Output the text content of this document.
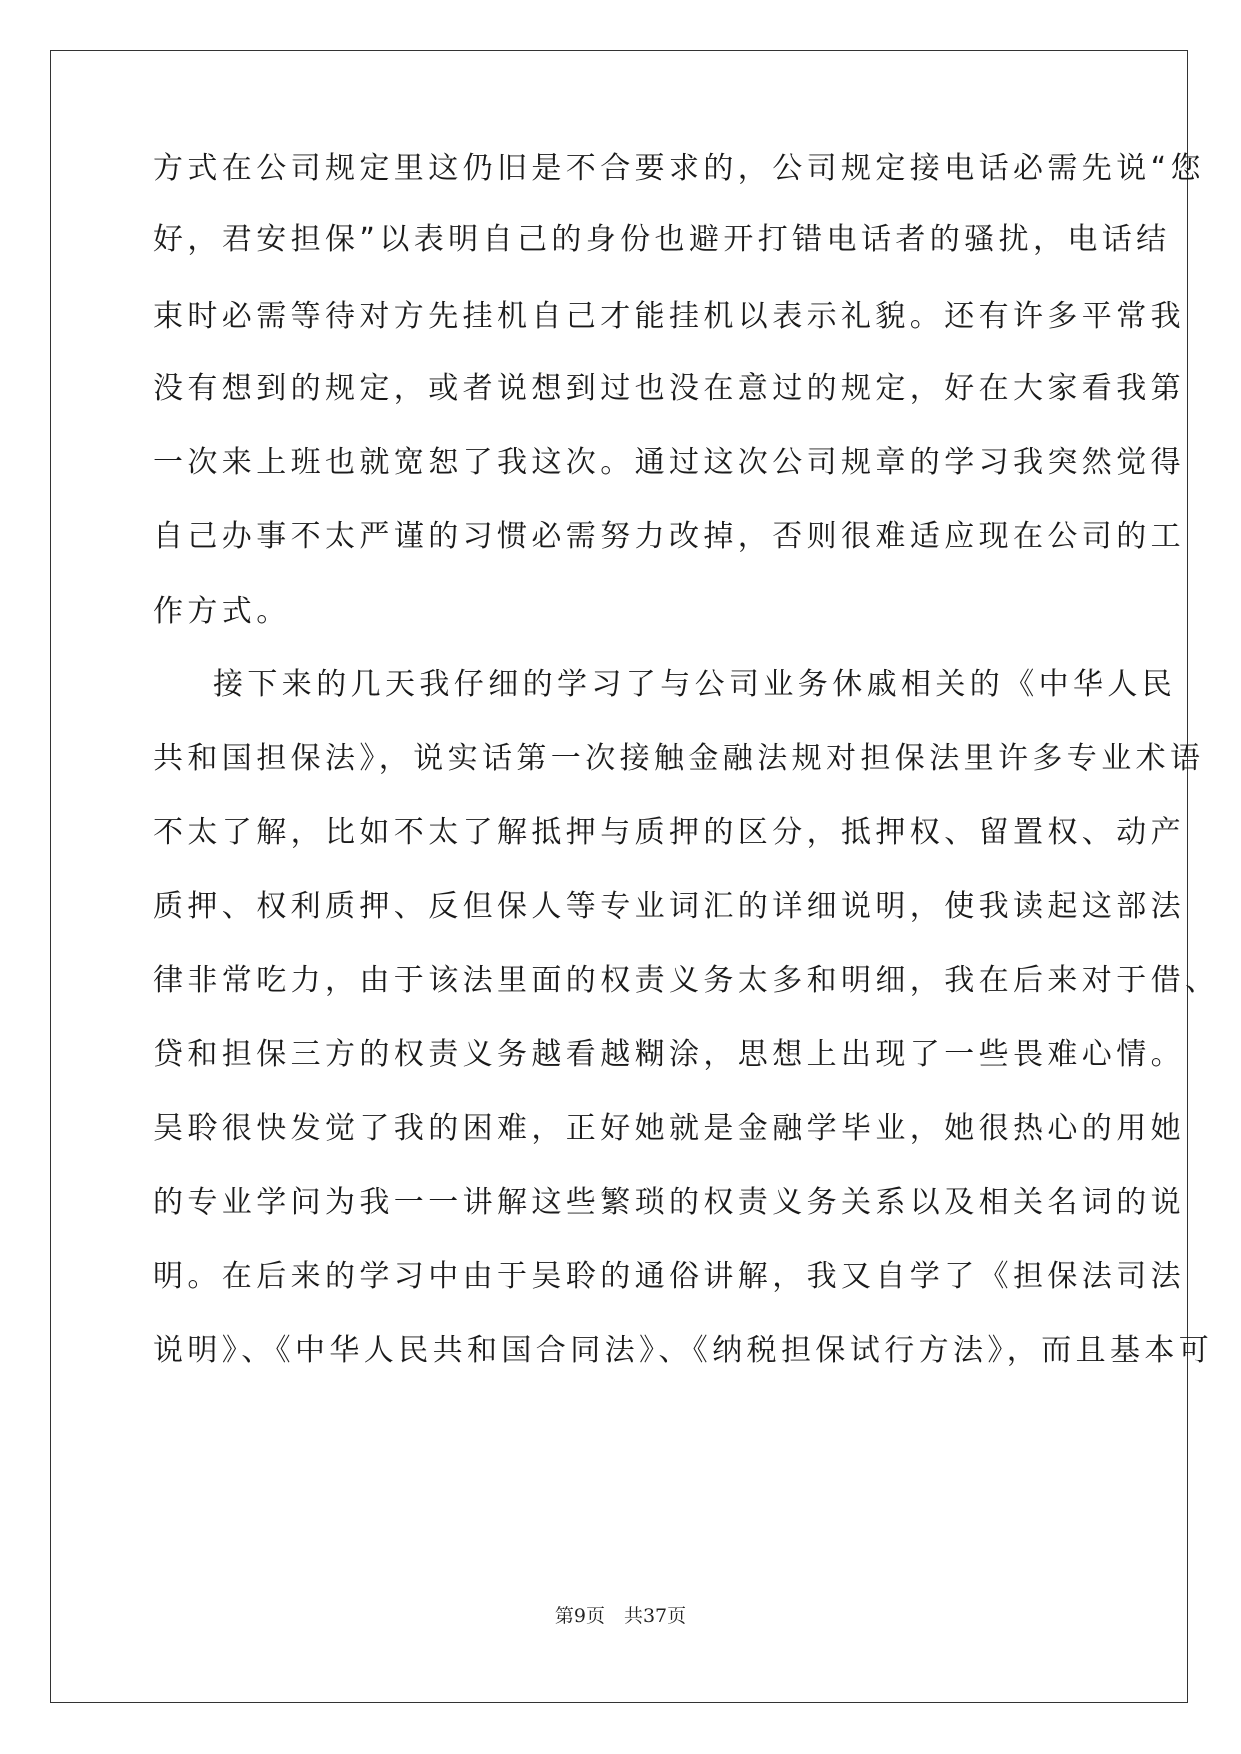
方式在公司规定里这仍旧是不合要求的，公司规定接电话必需先说“您
好，君安担保”以表明自己的身份也避开打错电话者的骚扰，电话结
束时必需等待对方先挂机自己才能挂机以表示礼貌。还有许多平常我
没有想到的规定，或者说想到过也没在意过的规定，好在大家看我第
一次来上班也就宽恕了我这次。通过这次公司规章的学习我突然觉得
自己办事不太严谨的习惯必需努力改掉，否则很难适应现在公司的工
作方式。
接下来的几天我仔细的学习了与公司业务休戚相关的《中华人民
共和国担保法》，说实话第一次接触金融法规对担保法里许多专业术语
不太了解，比如不太了解抵押与质押的区分，抵押权、留置权、动产
质押、权利质押、反但保人等专业词汇的详细说明，使我读起这部法
律非常吃力，由于该法里面的权责义务太多和明细，我在后来对于借、
贷和担保三方的权责义务越看越糊涂，思想上出现了一些畏难心情。
吴聆很快发觉了我的困难，正好她就是金融学毕业，她很热心的用她
的专业学问为我一一讲解这些繁琐的权责义务关系以及相关名词的说
明。在后来的学习中由于吴聆的通俗讲解，我又自学了《担保法司法
说明》、《中华人民共和国合同法》、《纳税担保试行方法》，而且基本可
第9页　共37页
